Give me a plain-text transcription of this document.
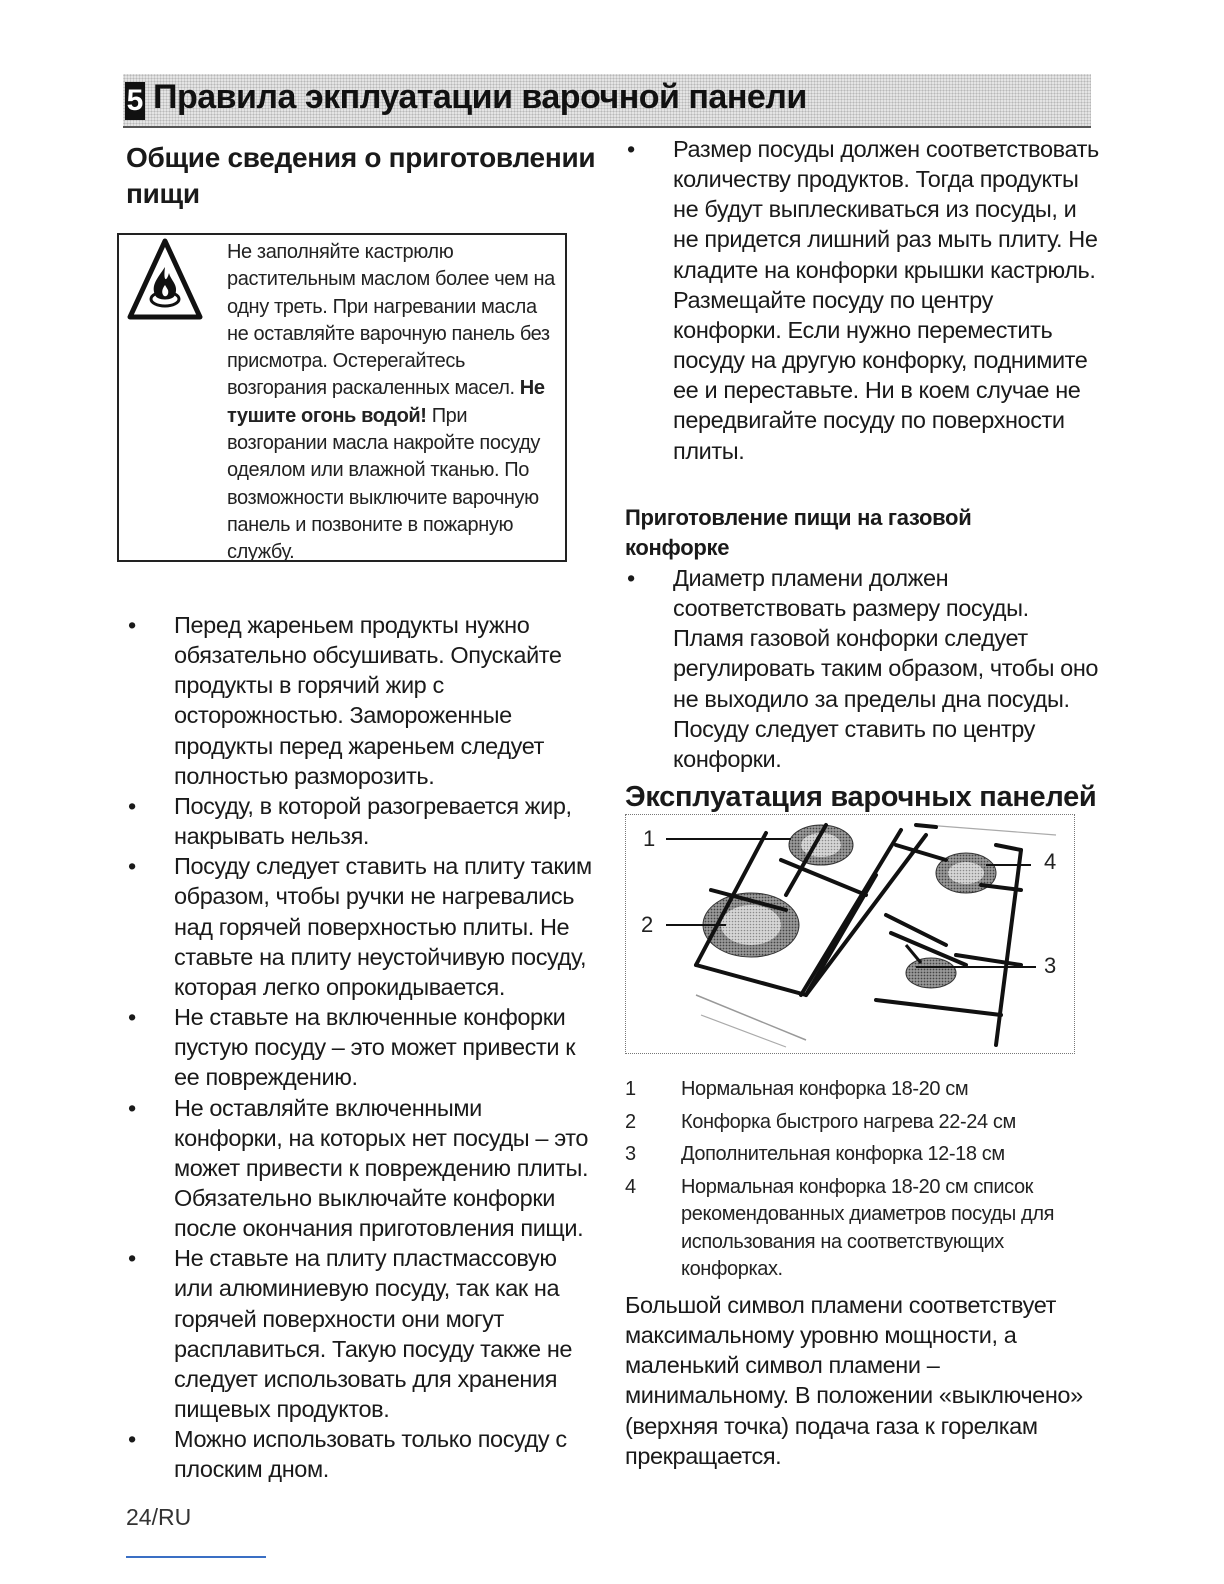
5 Правила экплуатации варочной панели
Общие сведения о приготовлении
пищи
Не заполняйте кастрюлю растительным маслом более чем на одну треть. При нагревании масла не оставляйте варочную панель без присмотра. Остерегайтесь возгорания раскаленных масел. Не тушите огонь водой! При возгорании масла накройте посуду одеялом или влажной тканью. По возможности выключите варочную панель и позвоните в пожарную службу.
• Перед жареньем продукты нужно обязательно обсушивать. Опускайте продукты в горячий жир с осторожностью. Замороженные продукты перед жареньем следует полностью разморозить.
• Посуду, в которой разогревается жир, накрывать нельзя.
• Посуду следует ставить на плиту таким образом, чтобы ручки не нагревались над горячей поверхностью плиты. Не ставьте на плиту неустойчивую посуду, которая легко опрокидывается.
• Не ставьте на включенные конфорки пустую посуду – это может привести к ее повреждению.
• Не оставляйте включенными конфорки, на которых нет посуды – это может привести к повреждению плиты. Обязательно выключайте конфорки после окончания приготовления пищи.
• Не ставьте на плиту пластмассовую или алюминиевую посуду, так как на горячей поверхности они могут расплавиться. Такую посуду также не следует использовать для хранения пищевых продуктов.
• Можно использовать только посуду с плоским дном.
• Размер посуды должен соответствовать количеству продуктов. Тогда продукты не будут выплескиваться из посуды, и не придется лишний раз мыть плиту. Не кладите на конфорки крышки кастрюль. Размещайте посуду по центру конфорки. Если нужно переместить посуду на другую конфорку, поднимите ее и переставьте. Ни в коем случае не передвигайте посуду по поверхности плиты.
Приготовление пищи на газовой
конфорке
• Диаметр пламени должен соответствовать размеру посуды. Пламя газовой конфорки следует регулировать таким образом, чтобы оно не выходило за пределы дна посуды. Посуду следует ставить по центру конфорки.
Эксплуатация варочных панелей
1
2
3
4
1 Нормальная конфорка 18-20 см
2 Конфорка быстрого нагрева 22-24 см
3 Дополнительная конфорка 12-18 см
4 Нормальная конфорка 18-20 см список рекомендованных диаметров посуды для использования на соответствующих конфорках.
Большой символ пламени соответствует максимальному уровню мощности, а маленький символ пламени – минимальному. В положении «выключено» (верхняя точка) подача газа к горелкам прекращается.
24/RU
